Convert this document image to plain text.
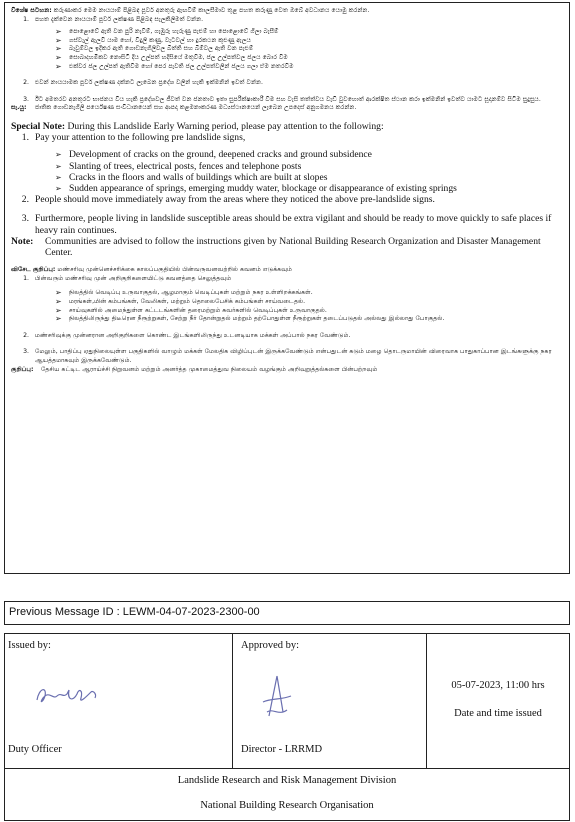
විශේෂ සටහන: කරුණාකර මෙම නායයාම් පිළිබඳ පූර්ව අනතුරු ඇඟවීම් කාලසීමාව තුළ පහත කරුණු වෙත ඔබේ අවධානය යොමු කරන්න.
1. පහත දැක්වෙන නායයාම් පූර්ව ලක්ෂණ පිළිබඳ සැලකිලිමත් වන්න.
➢	පොළොවේ ඇති වන පුරි නැවීම්, ගැඹුරු හැරුණු පැළුම් හා පොළොවේ ගිලා බැසීම්
➢	ගස්වැල් ඇලවී යාම හෝ, විදුලි කණු, වැටවල් හා දුරකථන කුළුණු ඇලය
➢	බෑවුම්වල ඉදිකර ඇති ගොඩනැගිලිවල බිත්ති සහ බිම්වල ඇති වන පැළුම්
➢	සොබාදහමිකව නොසිටි දිය උල්පත් හදිසියේ මතුවීම, ජල උල්පත්වල ජලය බොර වීම
➢	එක්වර ජල උල්පත් ඇතිවීම හෝ පෙර පැවති ජල උල්පත්වලින් ජලය ගලා ඒම නතරවීම
2. එවන් නායයාමක පූර්ව ලක්ෂණ දක්නට ලැබෙන ප්‍රදේශ වලින් හැකි ඉක්මනින් ඉවත් වන්න.
3. ඊට අමතරව අනතුරට භාජනය විය හැකි ප්‍රදේශවල ජීවත් වන ජනතාව ඉතා සුපරීක්ෂාකාරී වීම සහ වැසි තත්ත්වය වැඩි වුවහොත් ආරක්ෂිත ස්ථාන කරා ඉක්මනින් ඉවත්ව යාමට සූදානම්ව සිටීම සුදුසුය.
සැ.යු:	ජාතික ගොඩනැගිලි පර්යේෂණ සංවිධානයෙන් සහ ආපදා කළමනාකරණ මධ්‍යස්ථානයෙන් ලැබෙන උපදෙස් අනුගමනය කරන්න.
Special Note: During this Landslide Early Warning period, please pay attention to the following:
1. Pay your attention to the following pre landslide signs,
➢ Development of cracks on the ground, deepened cracks and ground subsidence
➢ Slanting of trees, electrical posts, fences and telephone posts
➢ Cracks in the floors and walls of buildings which are built at slopes
➢ Sudden appearance of springs, emerging muddy water, blockage or disappearance of existing springs
2. People should move immediately away from the areas where they noticed the above pre-landslide signs.
3. Furthermore, people living in landslide susceptible areas should be extra vigilant and should be ready to move quickly to safe places if heavy rain continues.
Note:	Communities are advised to follow the instructions given by National Building Research Organization and Disaster Management Center.
விசேட குறிப்பு: மண்சரிவு முன்னெச்சரிக்கை காலப்பகுதியில் பின்வருவனவற்றில் கவனம் எடுக்கவும்
1. பின்வரும் மண்சரிவு முன் அறிகுறிகளையிட்டு கவனத்தை செலுத்தவும்
➢	நிலத்தில் வெடிப்பு உருவாகுதல், ஆழமாகும் வெடிப்புகள் மற்றும் நகர உள்ளிறக்கங்கள்.
➢	மரங்கள்,மின் கம்பங்கள், வேலிகள், மற்றும் தொலைபேசிக் கம்பங்கள் சாய்வடைதல்.
➢	சாய்வுகளில் அமைந்துள்ள கட்டடங்களின் தரைமற்றும் சுவர்களில் வெடிப்புகள் உருவாகுதல்.
➢	நிலத்திலிருந்து திடீரென நீரூற்றுகள், சேற்று நீர் தோன்றுதல் மற்றும் தற்போதுள்ள நீரூற்றுகள் தடைப்படுதல் அல்லது இல்லாது போகுதல்.
2. மண்சரிவுக்கு முன்னரான அறிகுறிகளை கொண்ட இடங்களிலிருந்து உடனடியாக மக்கள் அப்பால் நகர வேண்டும்.
3. மேலும், பாதிப்பு ஏதுநிலையுள்ள பகுதிகளில் வாழும் மக்கள் மேலதிக விழிப்புடன் இருக்கவேண்டும் என்பதுடன் கடும் மழை தொடருமாயின் விரைவாக பாதுகாப்பான இடங்களுக்கு நகர ஆயத்தமாகவும் இருக்கவேண்டும்.
குறிப்பு:	தேசிய கட்டிட ஆராய்ச்சி நிறுவனம் மற்றும் அனர்த்த முகாமைத்துவ நிலையம் வழங்கும் அறிவுறுத்தல்களை பின்பற்றவும்
Previous Message ID : LEWM-04-07-2023-2300-00
Issued by:
Duty Officer
Approved by:
Director - LRRMD
05-07-2023, 11:00 hrs
Date and time issued
Landslide Research and Risk Management Division
National Building Research Organisation
